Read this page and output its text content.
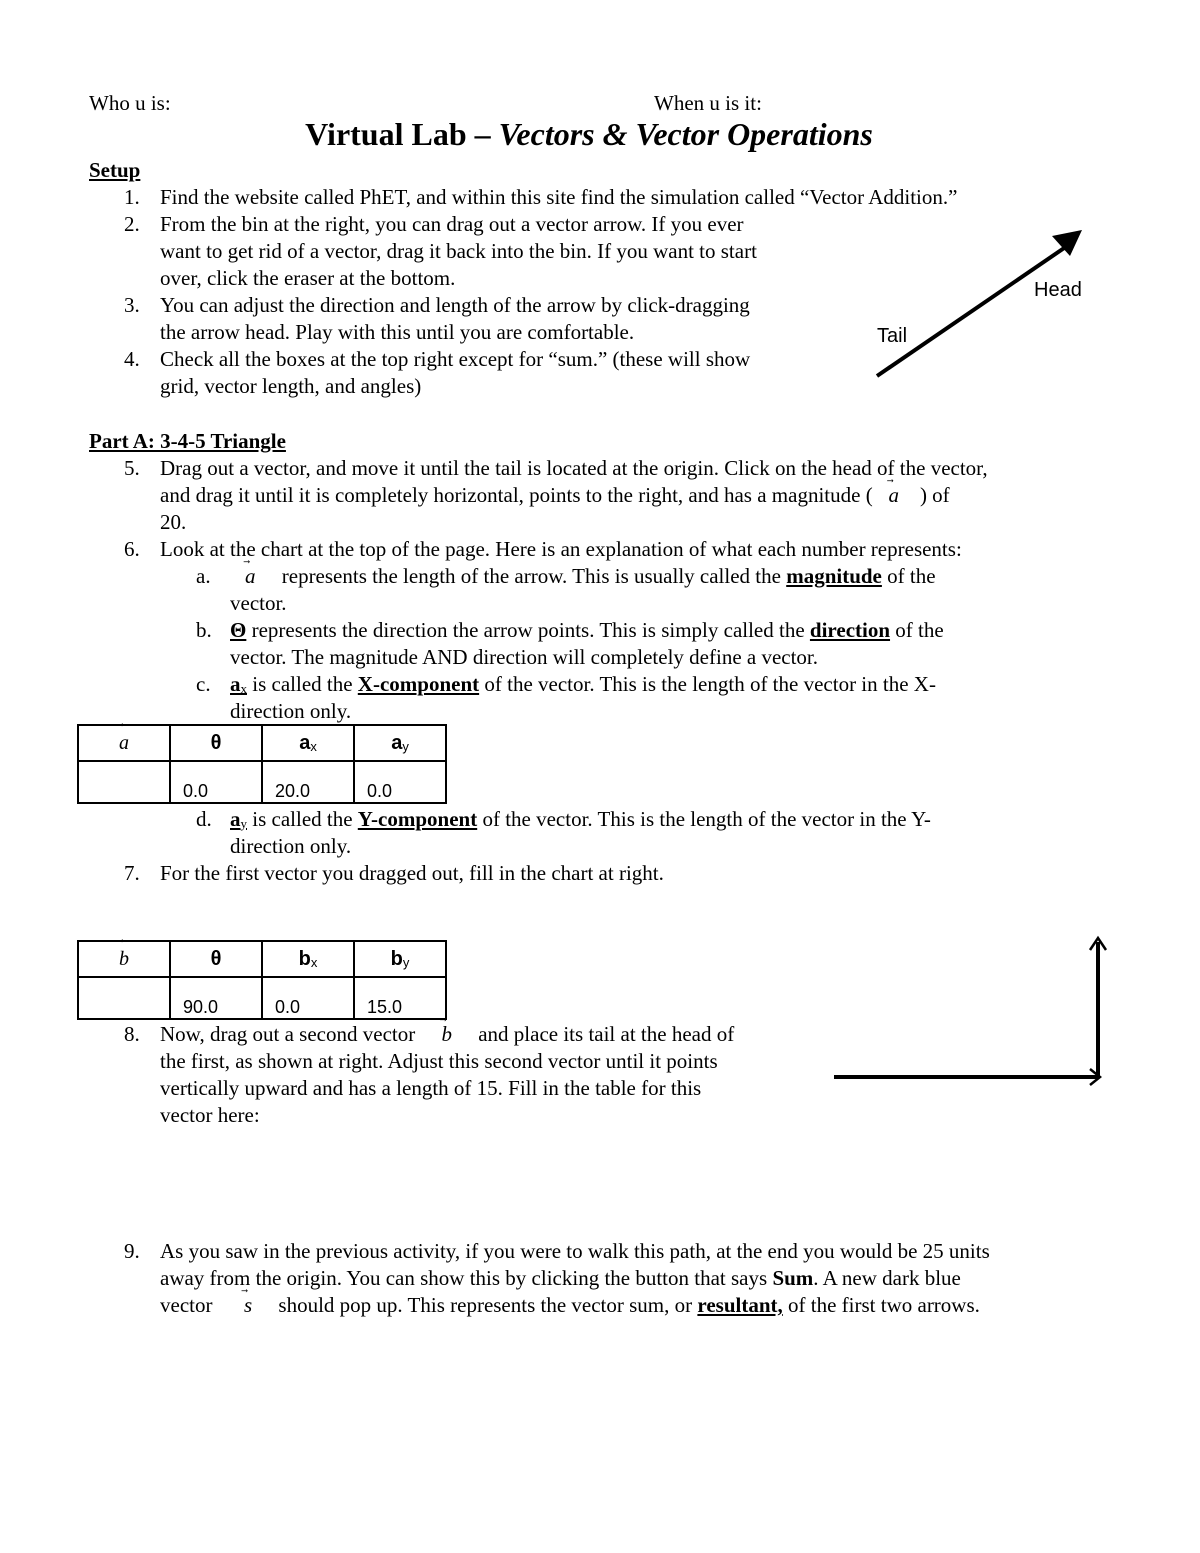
Who u is:	When u is it:
Virtual Lab – Vectors & Vector Operations
Setup
1. Find the website called PhET, and within this site find the simulation called “Vector Addition.”
2. From the bin at the right, you can drag out a vector arrow. If you ever
want to get rid of a vector, drag it back into the bin. If you want to start
over, click the eraser at the bottom.
3. You can adjust the direction and length of the arrow by click-dragging
the arrow head. Play with this until you are comfortable.
4. Check all the boxes at the top right except for “sum.” (these will show
grid, vector length, and angles)
Head
Tail
Part A: 3-4-5 Triangle
5. Drag out a vector, and move it until the tail is located at the origin. Click on the head of the vector,
and drag it until it is completely horizontal, points to the right, and has a magnitude ( a ) of
20.
6. Look at the chart at the top of the page. Here is an explanation of what each number represents:
a. a represents the length of the arrow. This is usually called the magnitude of the
vector.
b. Θ represents the direction the arrow points. This is simply called the direction of the
vector. The magnitude AND direction will completely define a vector.
c. $a_x$ is called the X-component of the vector. This is the length of the vector in the X-
direction only.
a	θ	$a_x$	$a_y$
	0.0	20.0	0.0
d. $a_y$ is called the Y-component of the vector. This is the length of the vector in the Y-
direction only.
7. For the first vector you dragged out, fill in the chart at right.
b	θ	$b_x$	$b_y$
	90.0	0.0	15.0
8. Now, drag out a second vector b and place its tail at the head of
the first, as shown at right. Adjust this second vector until it points
vertically upward and has a length of 15. Fill in the table for this
vector here:
9. As you saw in the previous activity, if you were to walk this path, at the end you would be 25 units
away from the origin. You can show this by clicking the button that says Sum. A new dark blue
vector s should pop up. This represents the vector sum, or resultant, of the first two arrows.
